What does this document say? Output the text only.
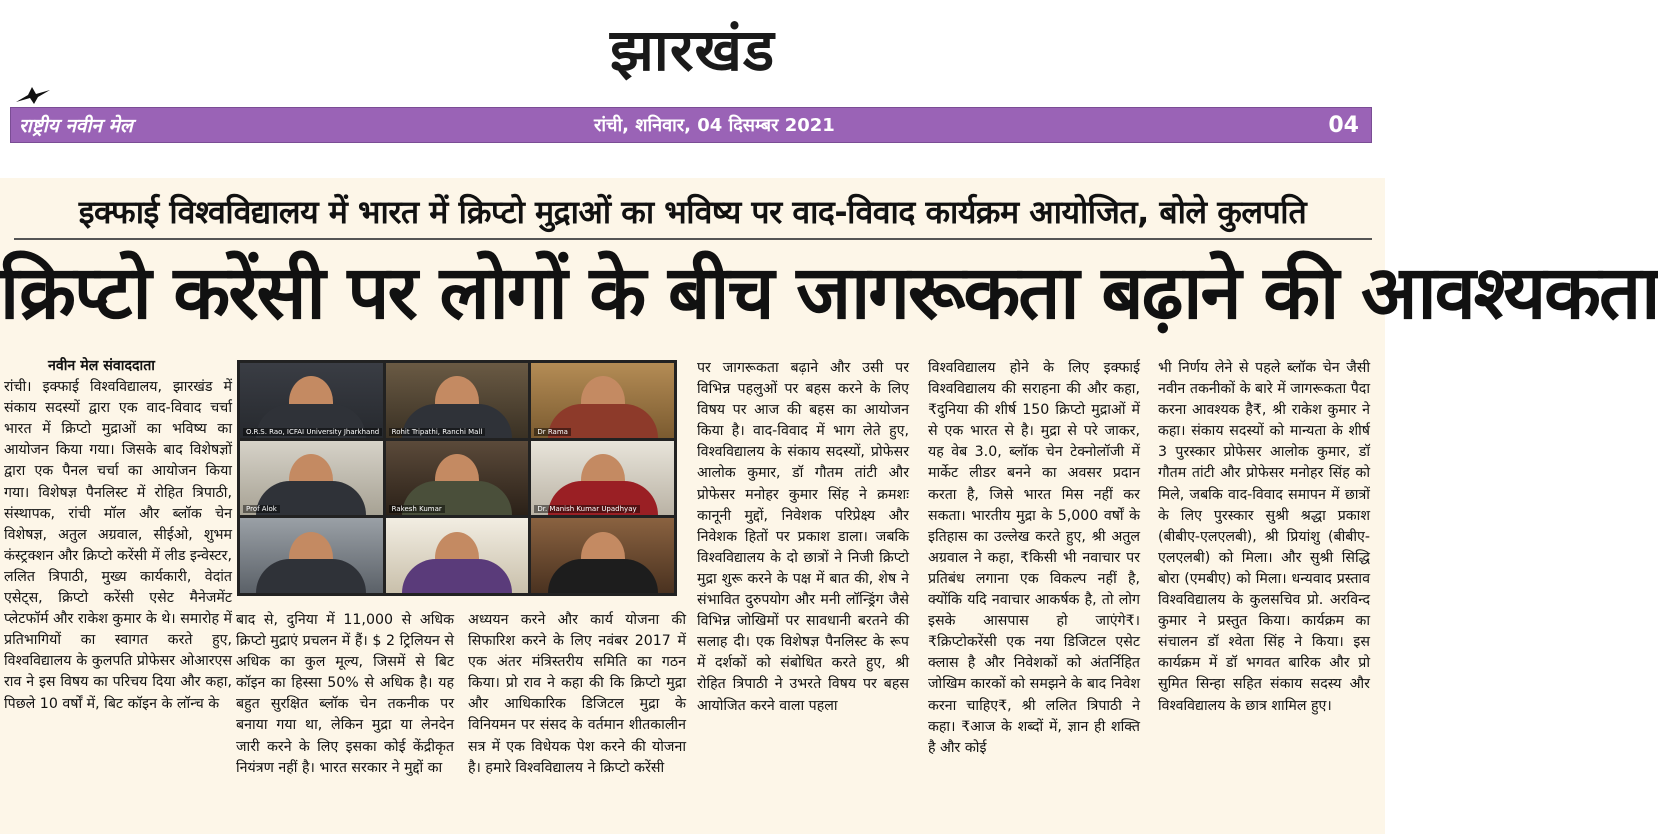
झारखंड
राष्ट्रीय नवीन मेल	रांची, शनिवार, 04 दिसम्बर 2021	04
इक्फाई विश्वविद्यालय में भारत में क्रिप्टो मुद्राओं का भविष्य पर वाद-विवाद कार्यक्रम आयोजित, बोले कुलपति
क्रिप्टो करेंसी पर लोगों के बीच जागरूकता बढ़ाने की आवश्यकता

नवीन मेल संवाददाता

रांची। इक्फाई विश्वविद्यालय, झारखंड में संकाय सदस्यों द्वारा एक वाद-विवाद चर्चा भारत में क्रिप्टो मुद्राओं का भविष्य का आयोजन किया गया। जिसके बाद विशेषज्ञों द्वारा एक पैनल चर्चा का आयोजन किया गया। विशेषज्ञ पैनलिस्ट में रोहित त्रिपाठी, संस्थापक, रांची मॉल और ब्लॉक चेन विशेषज्ञ, अतुल अग्रवाल, सीईओ, शुभम कंस्ट्रक्शन और क्रिप्टो करेंसी में लीड इन्वेस्टर, ललित त्रिपाठी, मुख्य कार्यकारी, वेदांत एसेट्स, क्रिप्टो करेंसी एसेट मैनेजमेंट प्लेटफॉर्म और राकेश कुमार के थे। समारोह में प्रतिभागियों का स्वागत करते हुए, विश्वविद्यालय के कुलपति प्रोफेसर ओआरएस राव ने इस विषय का परिचय दिया और कहा, पिछले 10 वर्षों में, बिट कॉइन के लॉन्च के

O.R.S. Rao, ICFAI University Jharkhand	Rohit Tripathi, Ranchi Mall	Dr Rama
Prof Alok	Rakesh Kumar	Dr. Manish Kumar Upadhyay
बाद से, दुनिया में 11,000 से अधिक क्रिप्टो मुद्राएं प्रचलन में हैं। $ 2 ट्रिलियन से अधिक का कुल मूल्य, जिसमें से बिट कॉइन का हिस्सा 50% से अधिक है। यह बहुत सुरक्षित ब्लॉक चेन तकनीक पर बनाया गया था, लेकिन मुद्रा या लेनदेन जारी करने के लिए इसका कोई केंद्रीकृत नियंत्रण नहीं है। भारत सरकार ने मुद्दों का
अध्ययन करने और कार्य योजना की सिफारिश करने के लिए नवंबर 2017 में एक अंतर मंत्रिस्तरीय समिति का गठन किया। प्रो राव ने कहा की कि क्रिप्टो मुद्रा और आधिकारिक डिजिटल मुद्रा के विनियमन पर संसद के वर्तमान शीतकालीन सत्र में एक विधेयक पेश करने की योजना है। हमारे विश्वविद्यालय ने क्रिप्टो करेंसी
पर जागरूकता बढ़ाने और उसी पर विभिन्न पहलुओं पर बहस करने के लिए विषय पर आज की बहस का आयोजन किया है। वाद-विवाद में भाग लेते हुए, विश्वविद्यालय के संकाय सदस्यों, प्रोफेसर आलोक कुमार, डॉ गौतम तांटी और प्रोफेसर मनोहर कुमार सिंह ने क्रमशः कानूनी मुद्दों, निवेशक परिप्रेक्ष्य और निवेशक हितों पर प्रकाश डाला। जबकि विश्वविद्यालय के दो छात्रों ने निजी क्रिप्टो मुद्रा शुरू करने के पक्ष में बात की, शेष ने संभावित दुरुपयोग और मनी लॉन्ड्रिंग जैसे विभिन्न जोखिमों पर सावधानी बरतने की सलाह दी। एक विशेषज्ञ पैनलिस्ट के रूप में दर्शकों को संबोधित करते हुए, श्री रोहित त्रिपाठी ने उभरते विषय पर बहस आयोजित करने वाला पहला
विश्वविद्यालय होने के लिए इक्फाई विश्वविद्यालय की सराहना की और कहा, ₹दुनिया की शीर्ष 150 क्रिप्टो मुद्राओं में से एक भारत से है। मुद्रा से परे जाकर, यह वेब 3.0, ब्लॉक चेन टेक्नोलॉजी में मार्केट लीडर बनने का अवसर प्रदान करता है, जिसे भारत मिस नहीं कर सकता। भारतीय मुद्रा के 5,000 वर्षों के इतिहास का उल्लेख करते हुए, श्री अतुल अग्रवाल ने कहा, ₹किसी भी नवाचार पर प्रतिबंध लगाना एक विकल्प नहीं है, क्योंकि यदि नवाचार आकर्षक है, तो लोग इसके आसपास हो जाएंगे₹। ₹क्रिप्टोकरेंसी एक नया डिजिटल एसेट क्लास है और निवेशकों को अंतर्निहित जोखिम कारकों को समझने के बाद निवेश करना चाहिए₹, श्री ललित त्रिपाठी ने कहा। ₹आज के शब्दों में, ज्ञान ही शक्ति है और कोई
भी निर्णय लेने से पहले ब्लॉक चेन जैसी नवीन तकनीकों के बारे में जागरूकता पैदा करना आवश्यक है₹, श्री राकेश कुमार ने कहा। संकाय सदस्यों को मान्यता के शीर्ष 3 पुरस्कार प्रोफेसर आलोक कुमार, डॉ गौतम तांटी और प्रोफेसर मनोहर सिंह को मिले, जबकि वाद-विवाद समापन में छात्रों के लिए पुरस्कार सुश्री श्रद्धा प्रकाश (बीबीए-एलएलबी), श्री प्रियांशु (बीबीए-एलएलबी) को मिला। और सुश्री सिद्धि बोरा (एमबीए) को मिला। धन्यवाद प्रस्ताव विश्वविद्यालय के कुलसचिव प्रो. अरविन्द कुमार ने प्रस्तुत किया। कार्यक्रम का संचालन डॉ श्वेता सिंह ने किया। इस कार्यक्रम में डॉ भगवत बारिक और प्रो सुमित सिन्हा सहित संकाय सदस्य और विश्वविद्यालय के छात्र शामिल हुए।
